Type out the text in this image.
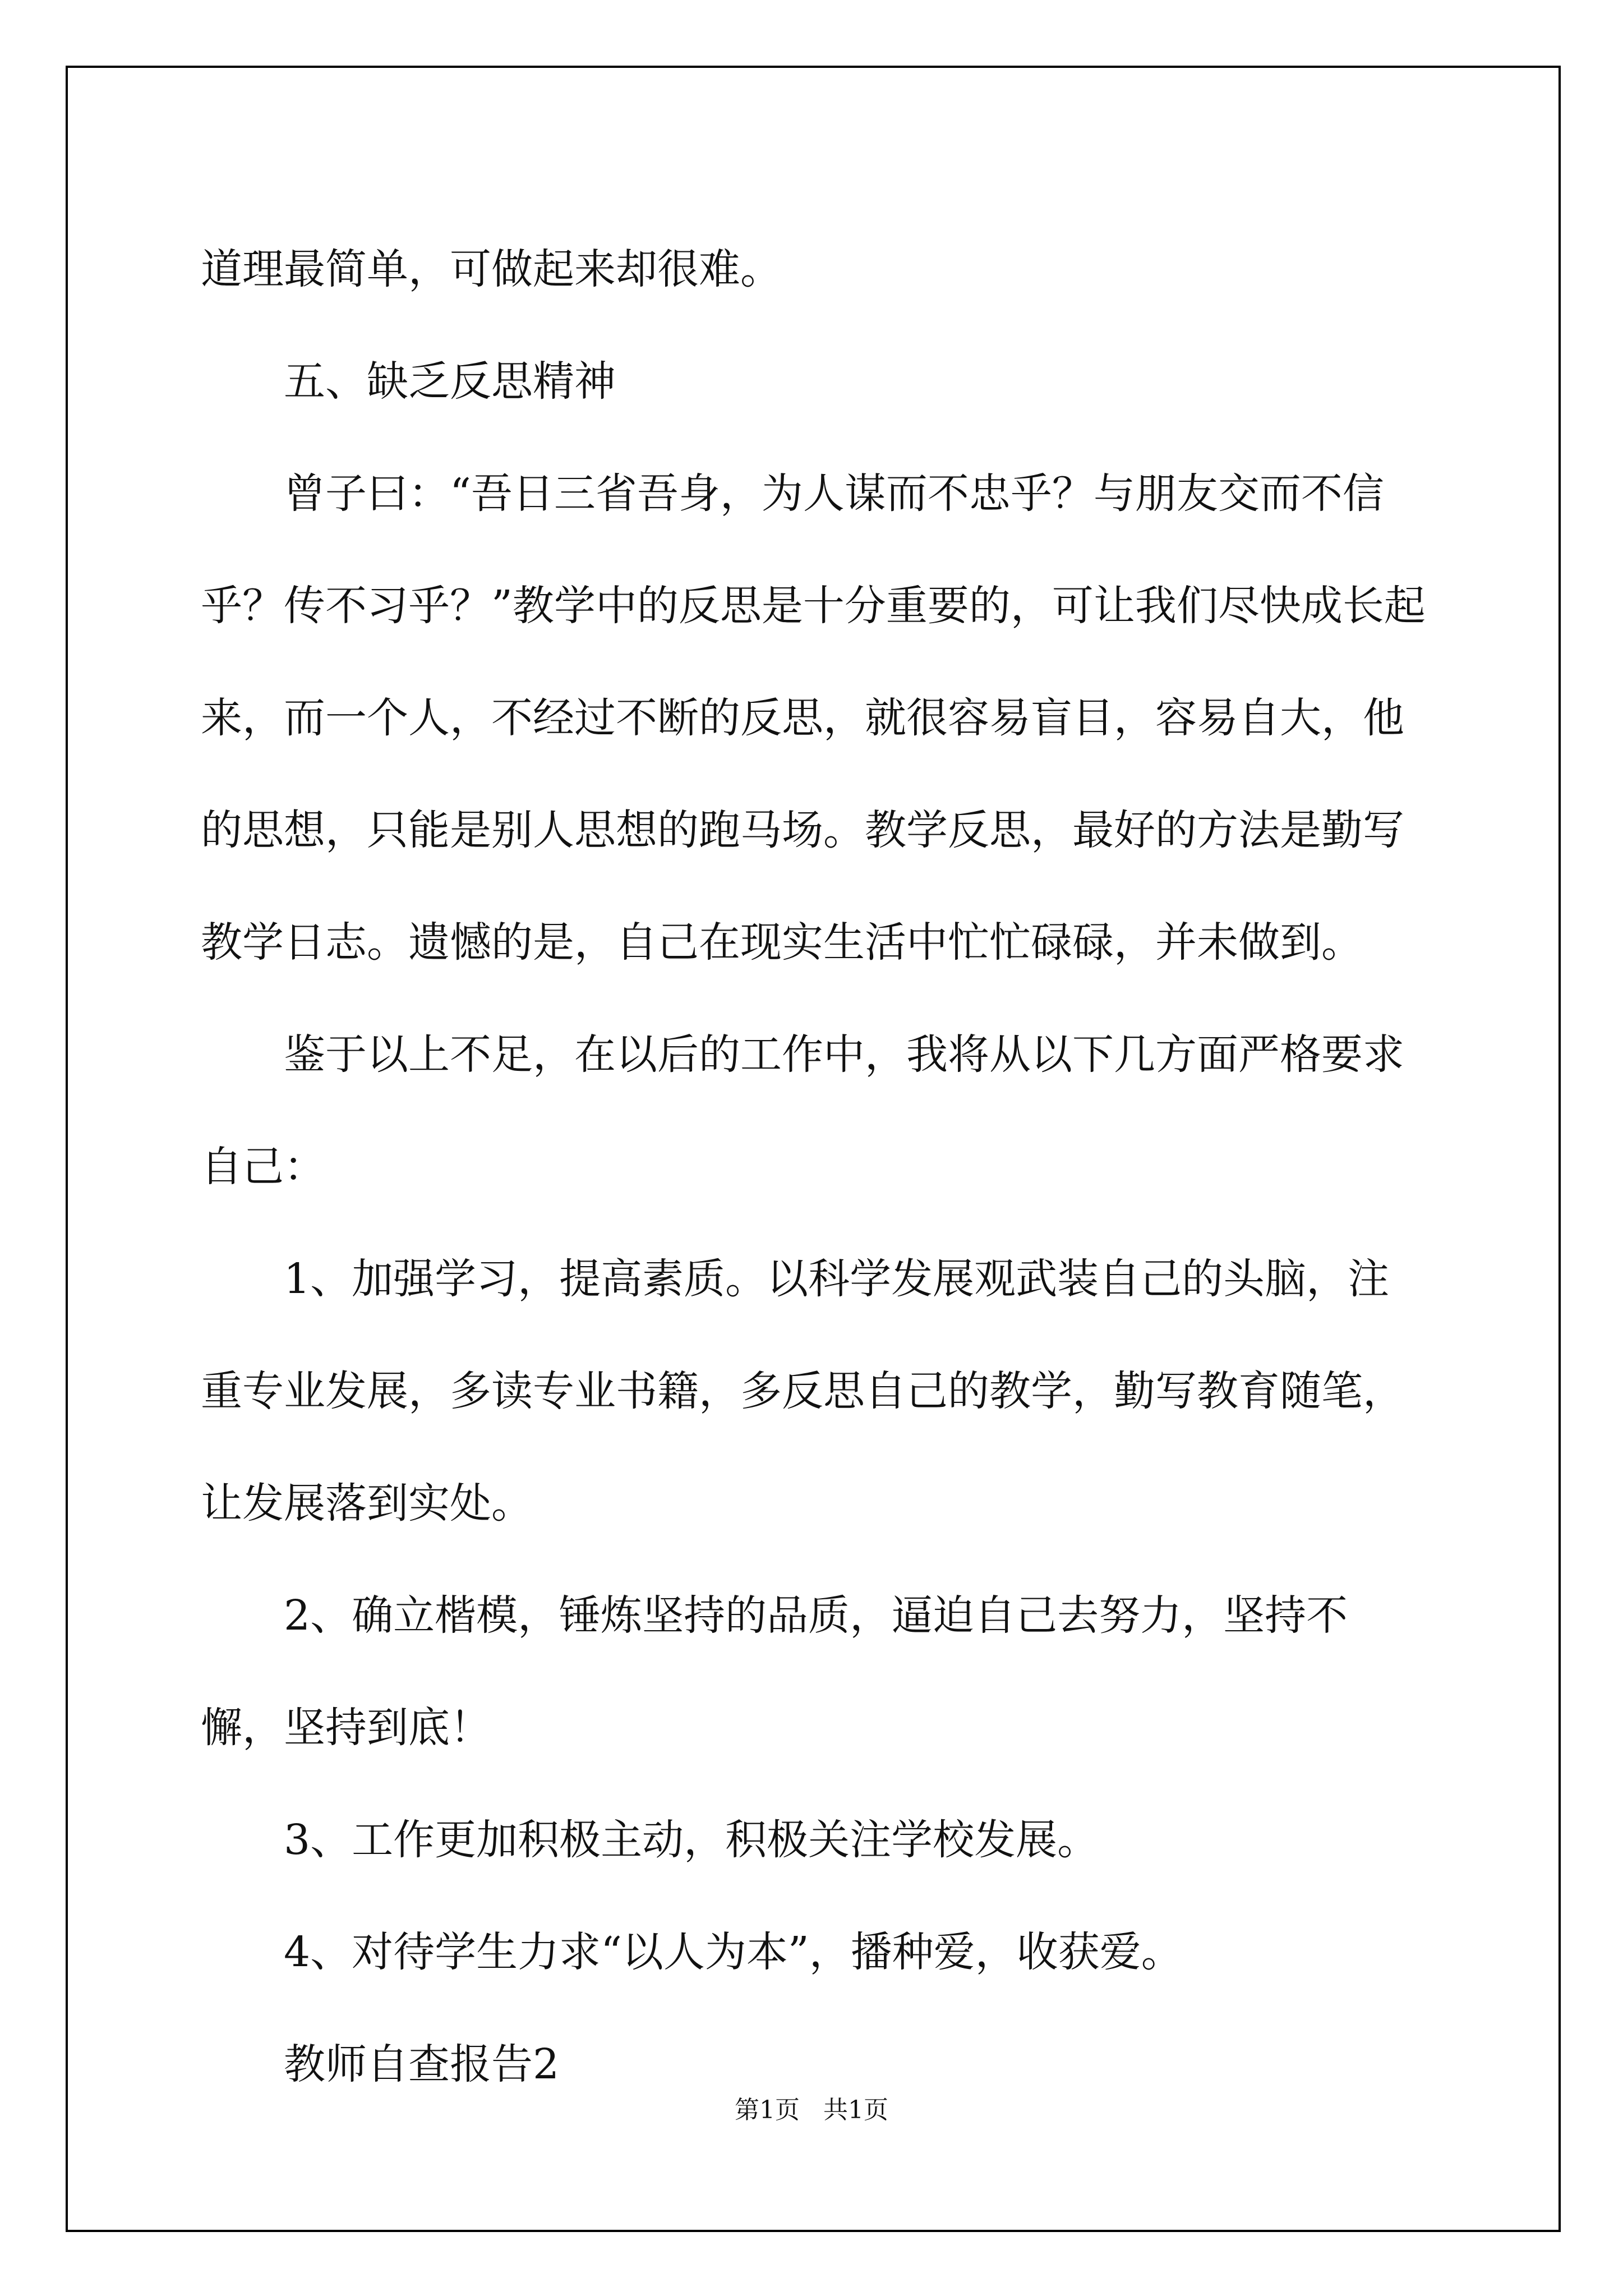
道理最简单，可做起来却很难。

五、缺乏反思精神

曾子曰：“吾日三省吾身，为人谋而不忠乎？与朋友交而不信乎？传不习乎？”教学中的反思是十分重要的，可让我们尽快成长起来，而一个人，不经过不断的反思，就很容易盲目，容易自大，他的思想，只能是别人思想的跑马场。教学反思，最好的方法是勤写教学日志。遗憾的是，自己在现实生活中忙忙碌碌，并未做到。

鉴于以上不足，在以后的工作中，我将从以下几方面严格要求自己：

1、加强学习，提高素质。以科学发展观武装自己的头脑，注重专业发展，多读专业书籍，多反思自己的教学，勤写教育随笔，让发展落到实处。

2、确立楷模，锤炼坚持的品质，逼迫自己去努力，坚持不懈，坚持到底！

3、工作更加积极主动，积极关注学校发展。

4、对待学生力求“以人为本”，播种爱，收获爱。

教师自查报告2

第1页 共1页
